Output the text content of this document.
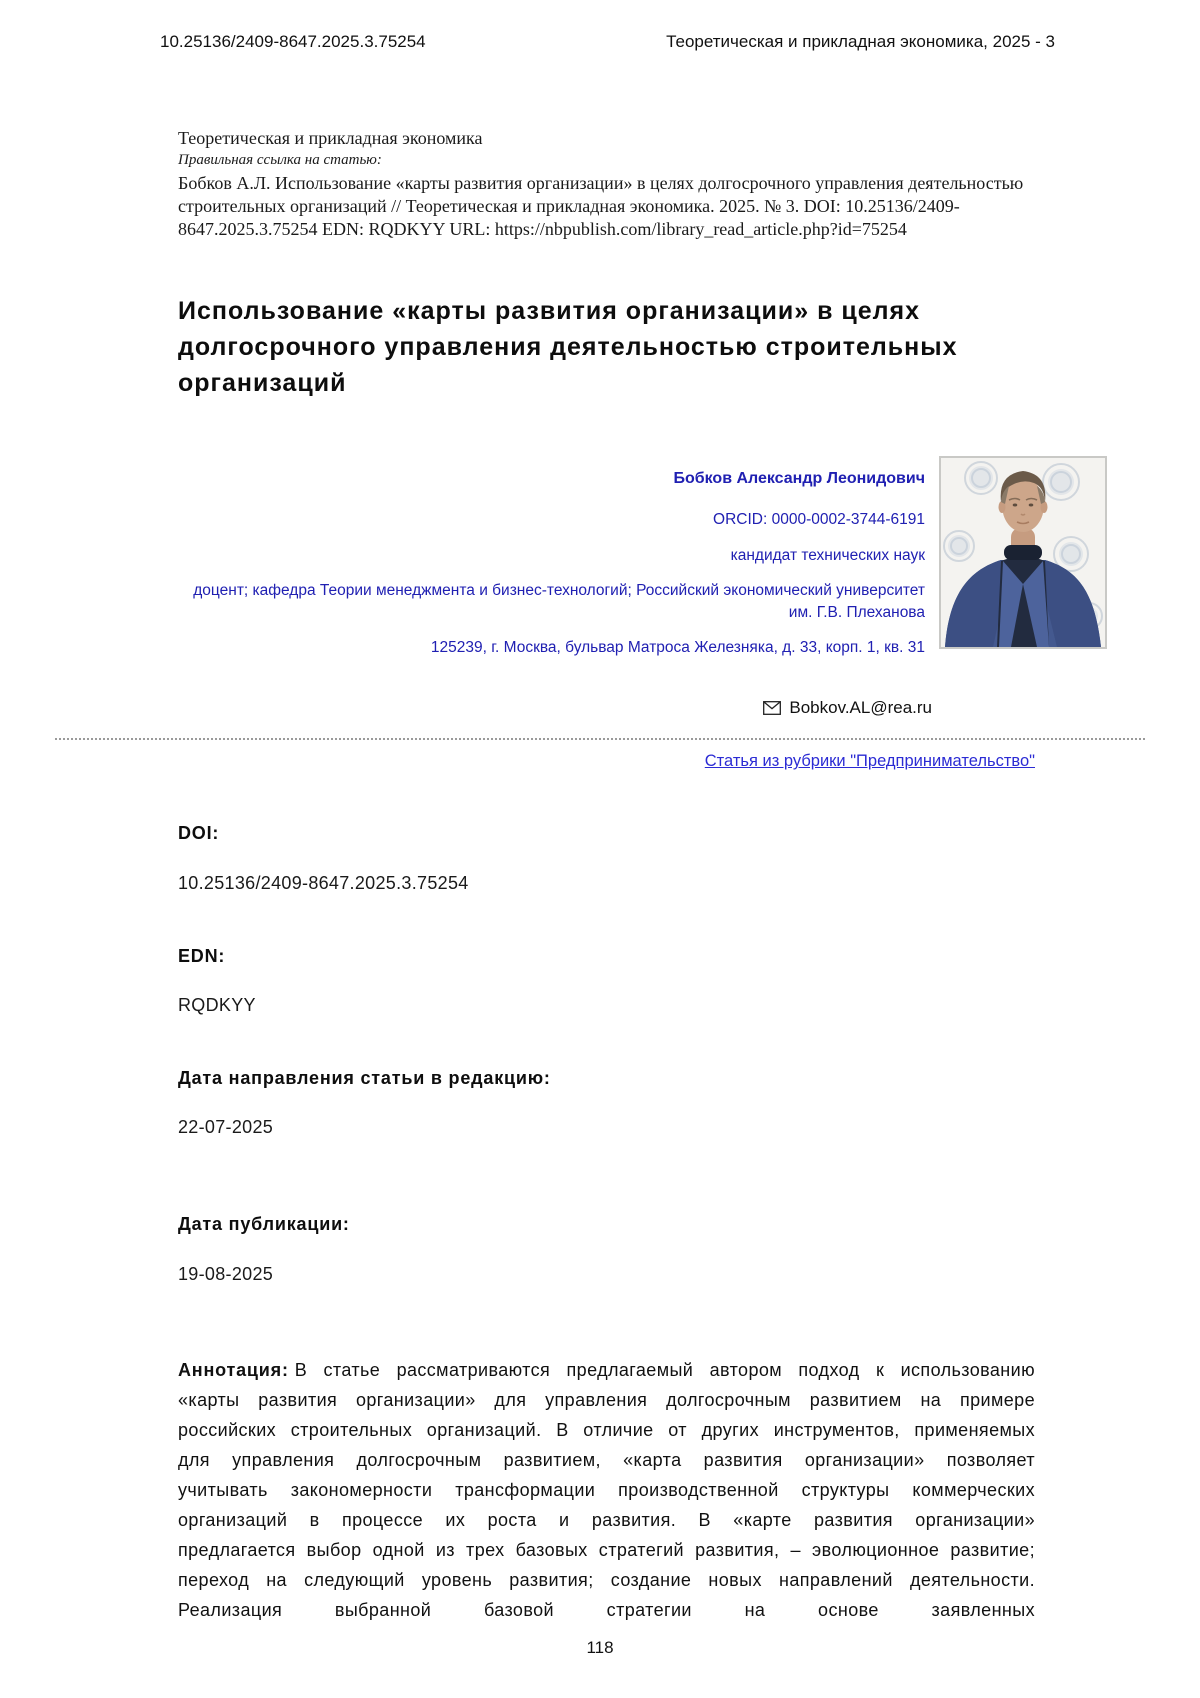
10.25136/2409-8647.2025.3.75254	Теоретическая и прикладная экономика, 2025 - 3
Теоретическая и прикладная экономика
Правильная ссылка на статью:
Бобков А.Л. Использование «карты развития организации» в целях долгосрочного управления деятельностью строительных организаций // Теоретическая и прикладная экономика. 2025. № 3. DOI: 10.25136/2409-8647.2025.3.75254 EDN: RQDKYY URL: https://nbpublish.com/library_read_article.php?id=75254
Использование «карты развития организации» в целях долгосрочного управления деятельностью строительных организаций
Бобков Александр Леонидович
ORCID: 0000-0002-3744-6191
кандидат технических наук
доцент; кафедра Теории менеджмента и бизнес-технологий; Российский экономический университет им. Г.В. Плеханова
125239, г. Москва, бульвар Матроса Железняка, д. 33, корп. 1, кв. 31
Bobkov.AL@rea.ru
Статья из рубрики "Предпринимательство"
DOI:
10.25136/2409-8647.2025.3.75254
EDN:
RQDKYY
Дата направления статьи в редакцию:
22-07-2025
Дата публикации:
19-08-2025

Аннотация: В статье рассматриваются предлагаемый автором подход к использованию «карты развития организации» для управления долгосрочным развитием на примере российских строительных организаций. В отличие от других инструментов, применяемых для управления долгосрочным развитием, «карта развития организации» позволяет учитывать закономерности трансформации производственной структуры коммерческих организаций в процессе их роста и развития. В «карте развития организации» предлагается выбор одной из трех базовых стратегий развития, – эволюционное развитие; переход на следующий уровень развития; создание новых направлений деятельности. Реализация выбранной базовой стратегии на основе заявленных

118
